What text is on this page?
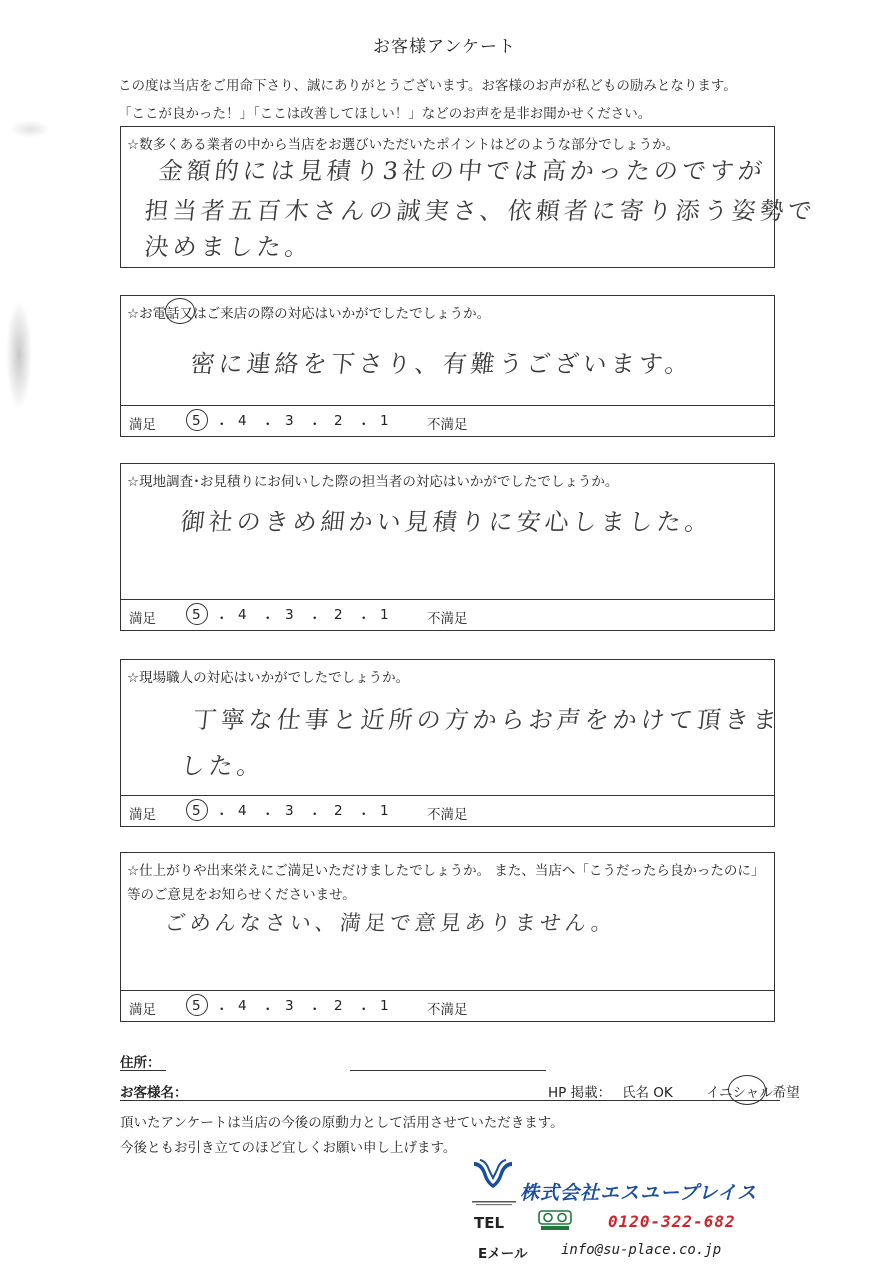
お客様アンケート
この度は当店をご用命下さり、誠にありがとうございます。お客様のお声が私どもの励みとなります。
「ここが良かった！」「ここは改善してほしい！」などのお声を是非お聞かせください。
☆数多くある業者の中から当店をお選びいただいたポイントはどのような部分でしょうか。
金額的には見積り3社の中では高かったのですが
担当者五百木さんの誠実さ、依頼者に寄り添う姿勢で
決めました。
☆お電話又はご来店の際の対応はいかがでしたでしょうか。
密に連絡を下さり、有難うございます。
満足	5 ・ 4 ・ 3 ・ 2 ・ 1	不満足
☆現地調査･お見積りにお伺いした際の担当者の対応はいかがでしたでしょうか。
御社のきめ細かい見積りに安心しました。
満足	5 ・ 4 ・ 3 ・ 2 ・ 1	不満足
☆現場職人の対応はいかがでしたでしょうか。
丁寧な仕事と近所の方からお声をかけて頂きま
した。
満足	5 ・ 4 ・ 3 ・ 2 ・ 1	不満足
☆仕上がりや出来栄えにご満足いただけましたでしょうか。 また、当店へ「こうだったら良かったのに」
等のご意見をお知らせくださいませ。
ごめんなさい、満足で意見ありません。
満足	5 ・ 4 ・ 3 ・ 2 ・ 1	不満足
住所：
お客様名：	HP 掲載： 氏名 OK イニシャル希望
頂いたアンケートは当店の今後の原動力として活用させていただきます。
今後ともお引き立てのほど宜しくお願い申し上げます。
株式会社エスユープレイス
TEL	0120-322-682
Eメール info@su-place.co.jp
